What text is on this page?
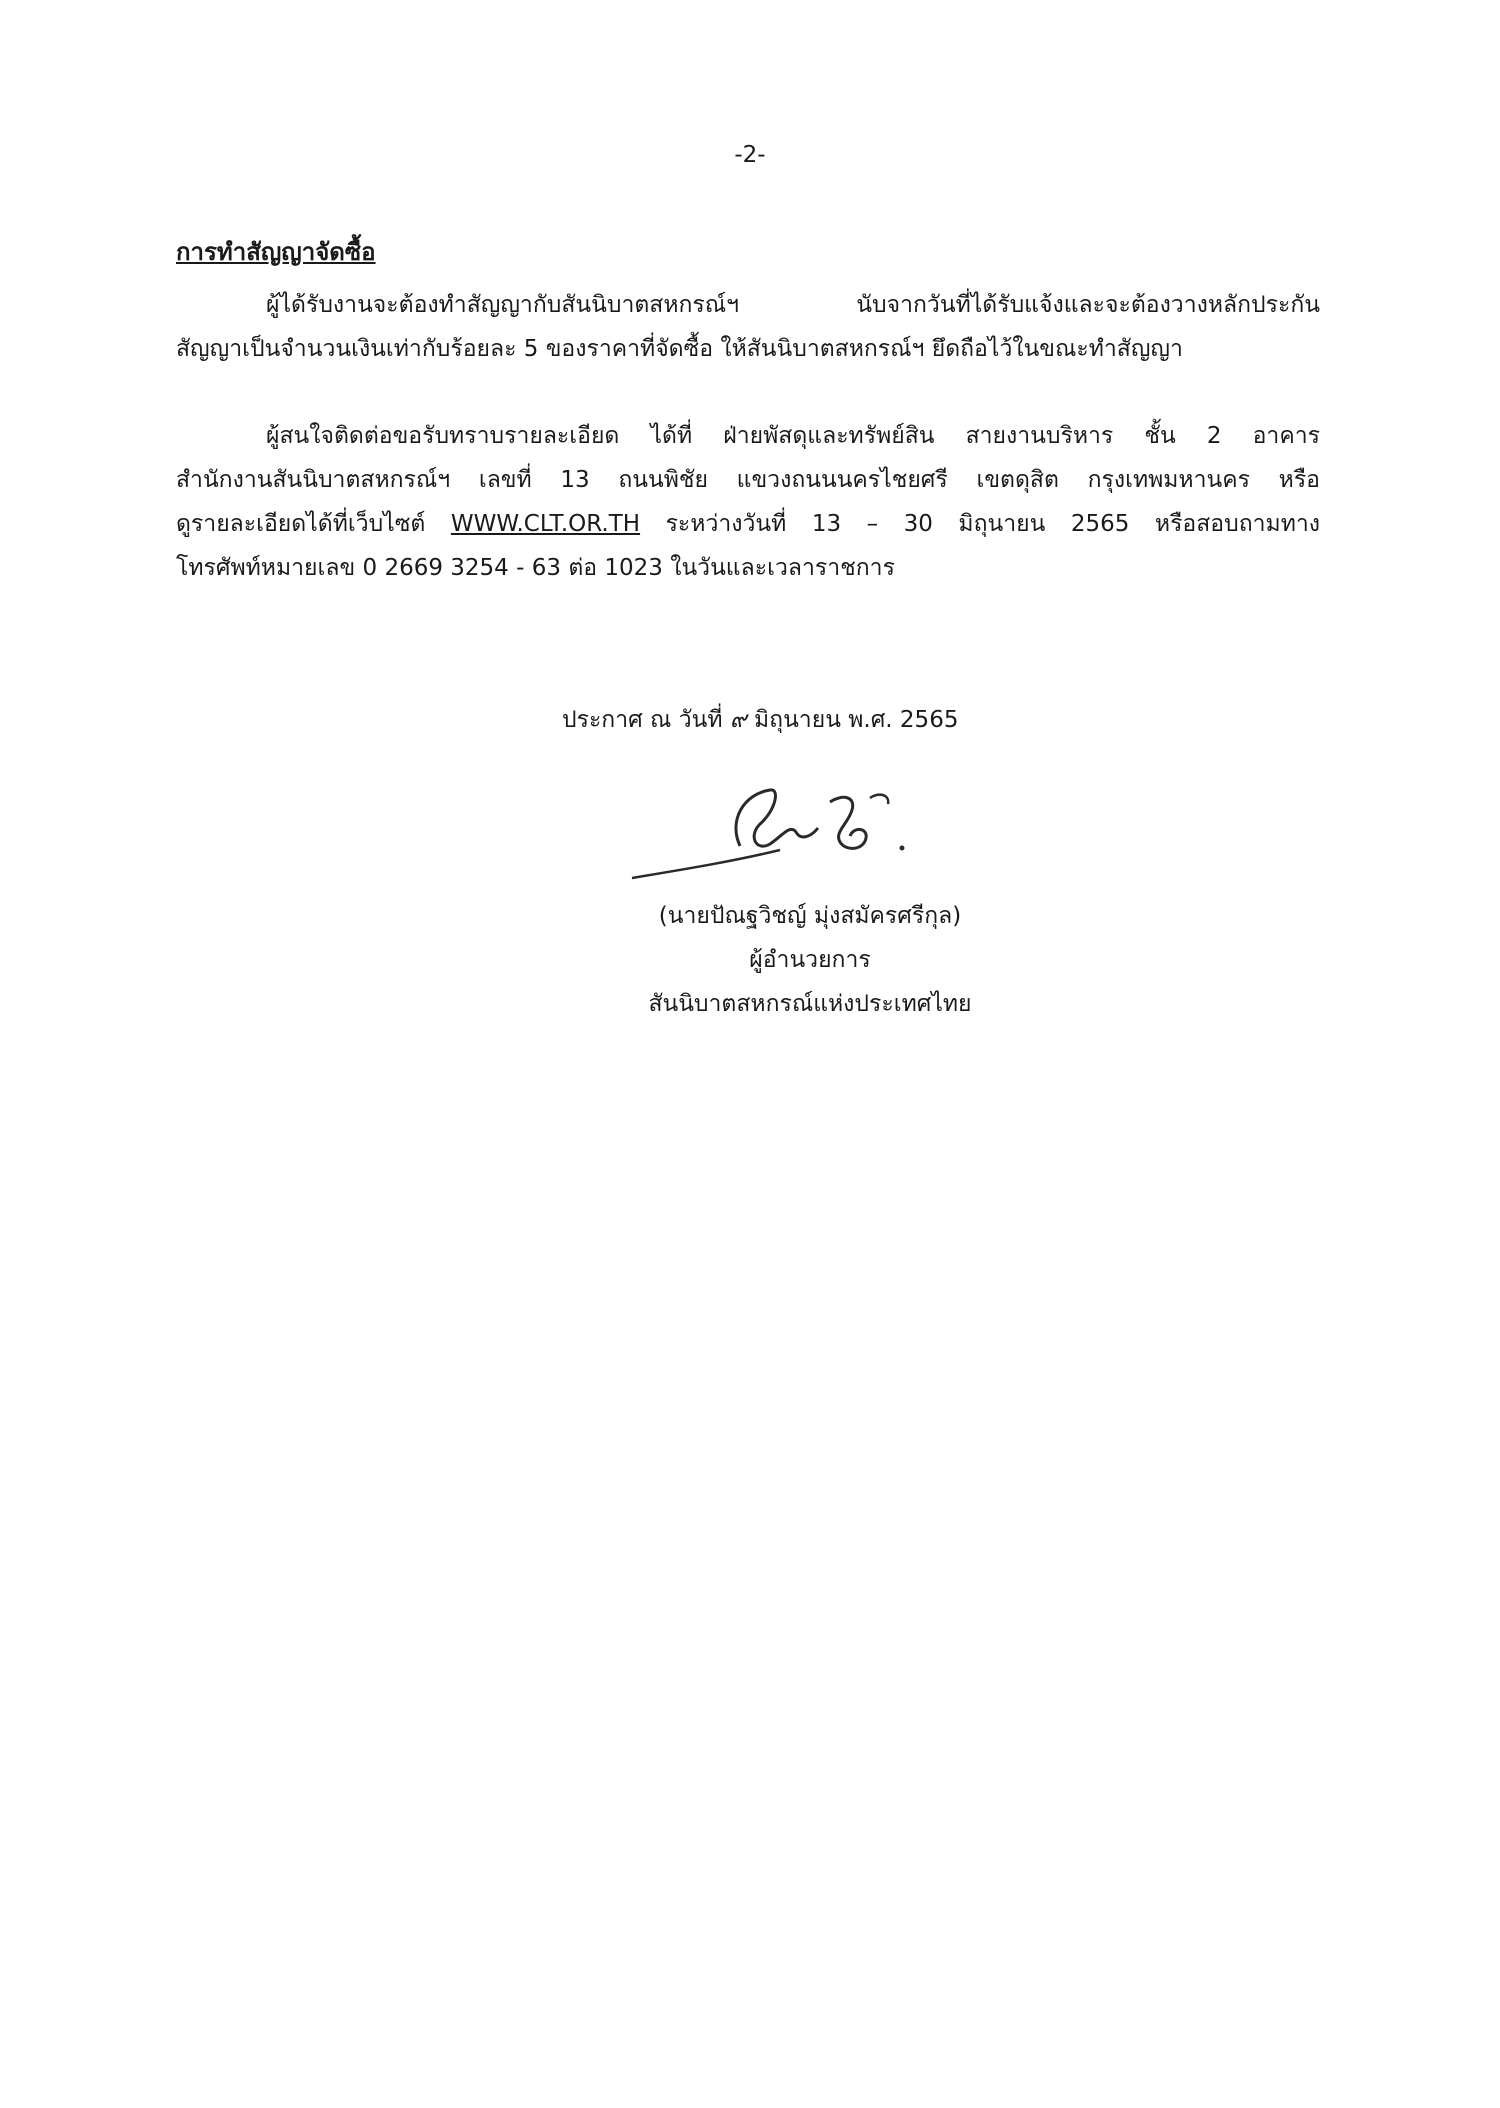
-2-
การทำสัญญาจัดซื้อ
ผู้ได้รับงานจะต้องทำสัญญากับสันนิบาตสหกรณ์ฯ นับจากวันที่ได้รับแจ้งและจะต้องวางหลักประกัน
สัญญาเป็นจำนวนเงินเท่ากับร้อยละ 5 ของราคาที่จัดซื้อ ให้สันนิบาตสหกรณ์ฯ ยึดถือไว้ในขณะทำสัญญา
ผู้สนใจติดต่อขอรับทราบรายละเอียด ได้ที่ ฝ่ายพัสดุและทรัพย์สิน สายงานบริหาร ชั้น 2 อาคาร
สำนักงานสันนิบาตสหกรณ์ฯ เลขที่ 13 ถนนพิชัย แขวงถนนนครไชยศรี เขตดุสิต กรุงเทพมหานคร หรือ
ดูรายละเอียดได้ที่เว็บไซต์ WWW.CLT.OR.TH ระหว่างวันที่ 13 – 30 มิถุนายน 2565 หรือสอบถามทาง
โทรศัพท์หมายเลข 0 2669 3254 - 63 ต่อ 1023 ในวันและเวลาราชการ
ประกาศ ณ วันที่ ๙ มิถุนายน พ.ศ. 2565
(นายปัณฐวิชญ์ มุ่งสมัครศรีกุล)
ผู้อำนวยการ
สันนิบาตสหกรณ์แห่งประเทศไทย
